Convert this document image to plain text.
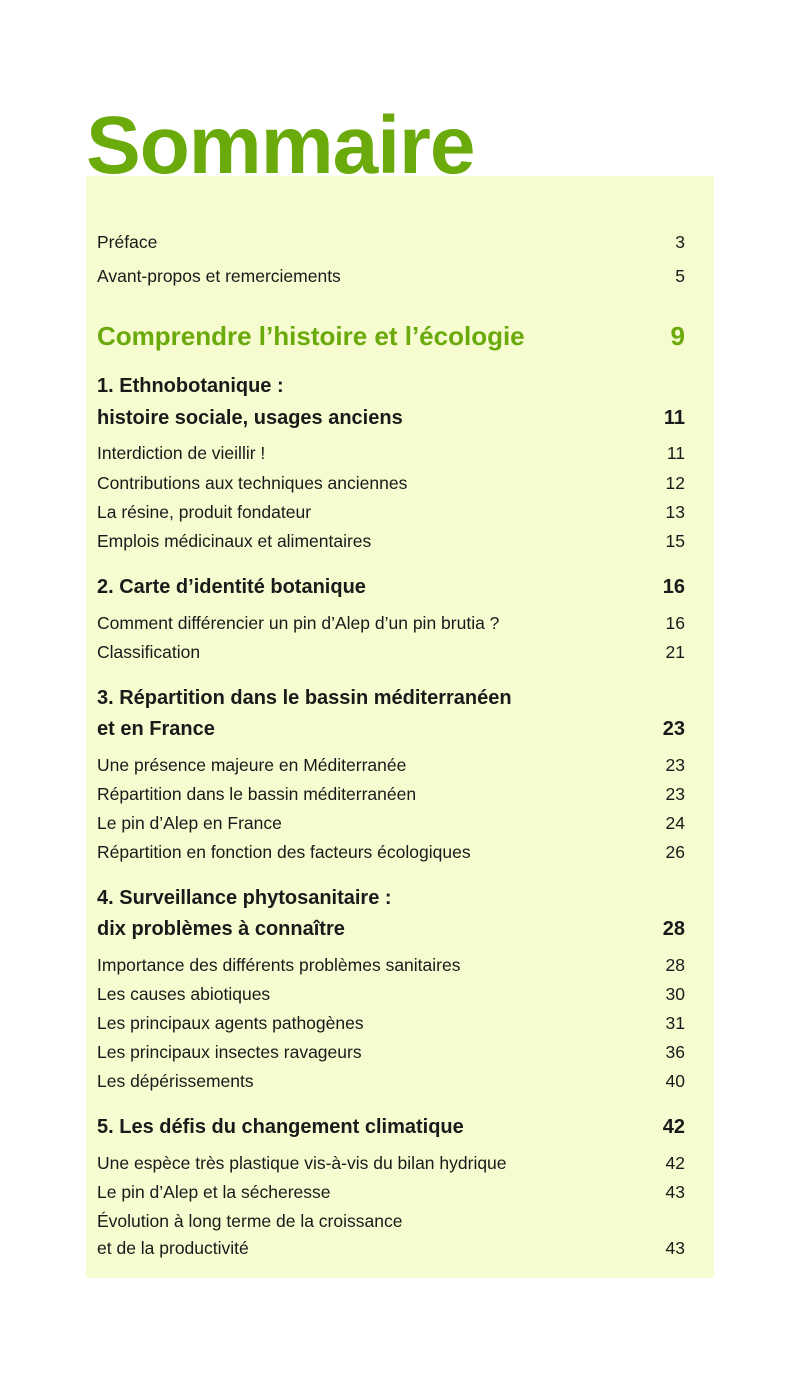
Sommaire
Préface	3
Avant-propos et remerciements	5
Comprendre l’histoire et l’écologie	9
1. Ethnobotanique :
histoire sociale, usages anciens	11
Interdiction de vieillir !	11
Contributions aux techniques anciennes	12
La résine, produit fondateur	13
Emplois médicinaux et alimentaires	15
2. Carte d’identité botanique	16
Comment différencier un pin d’Alep d’un pin brutia ?	16
Classification	21
3. Répartition dans le bassin méditerranéen
et en France	23
Une présence majeure en Méditerranée	23
Répartition dans le bassin méditerranéen	23
Le pin d’Alep en France	24
Répartition en fonction des facteurs écologiques	26
4. Surveillance phytosanitaire :
dix problèmes à connaître	28
Importance des différents problèmes sanitaires	28
Les causes abiotiques	30
Les principaux agents pathogènes	31
Les principaux insectes ravageurs	36
Les dépérissements	40
5. Les défis du changement climatique	42
Une espèce très plastique vis-à-vis du bilan hydrique	42
Le pin d’Alep et la sécheresse	43
Évolution à long terme de la croissance
et de la productivité	43
